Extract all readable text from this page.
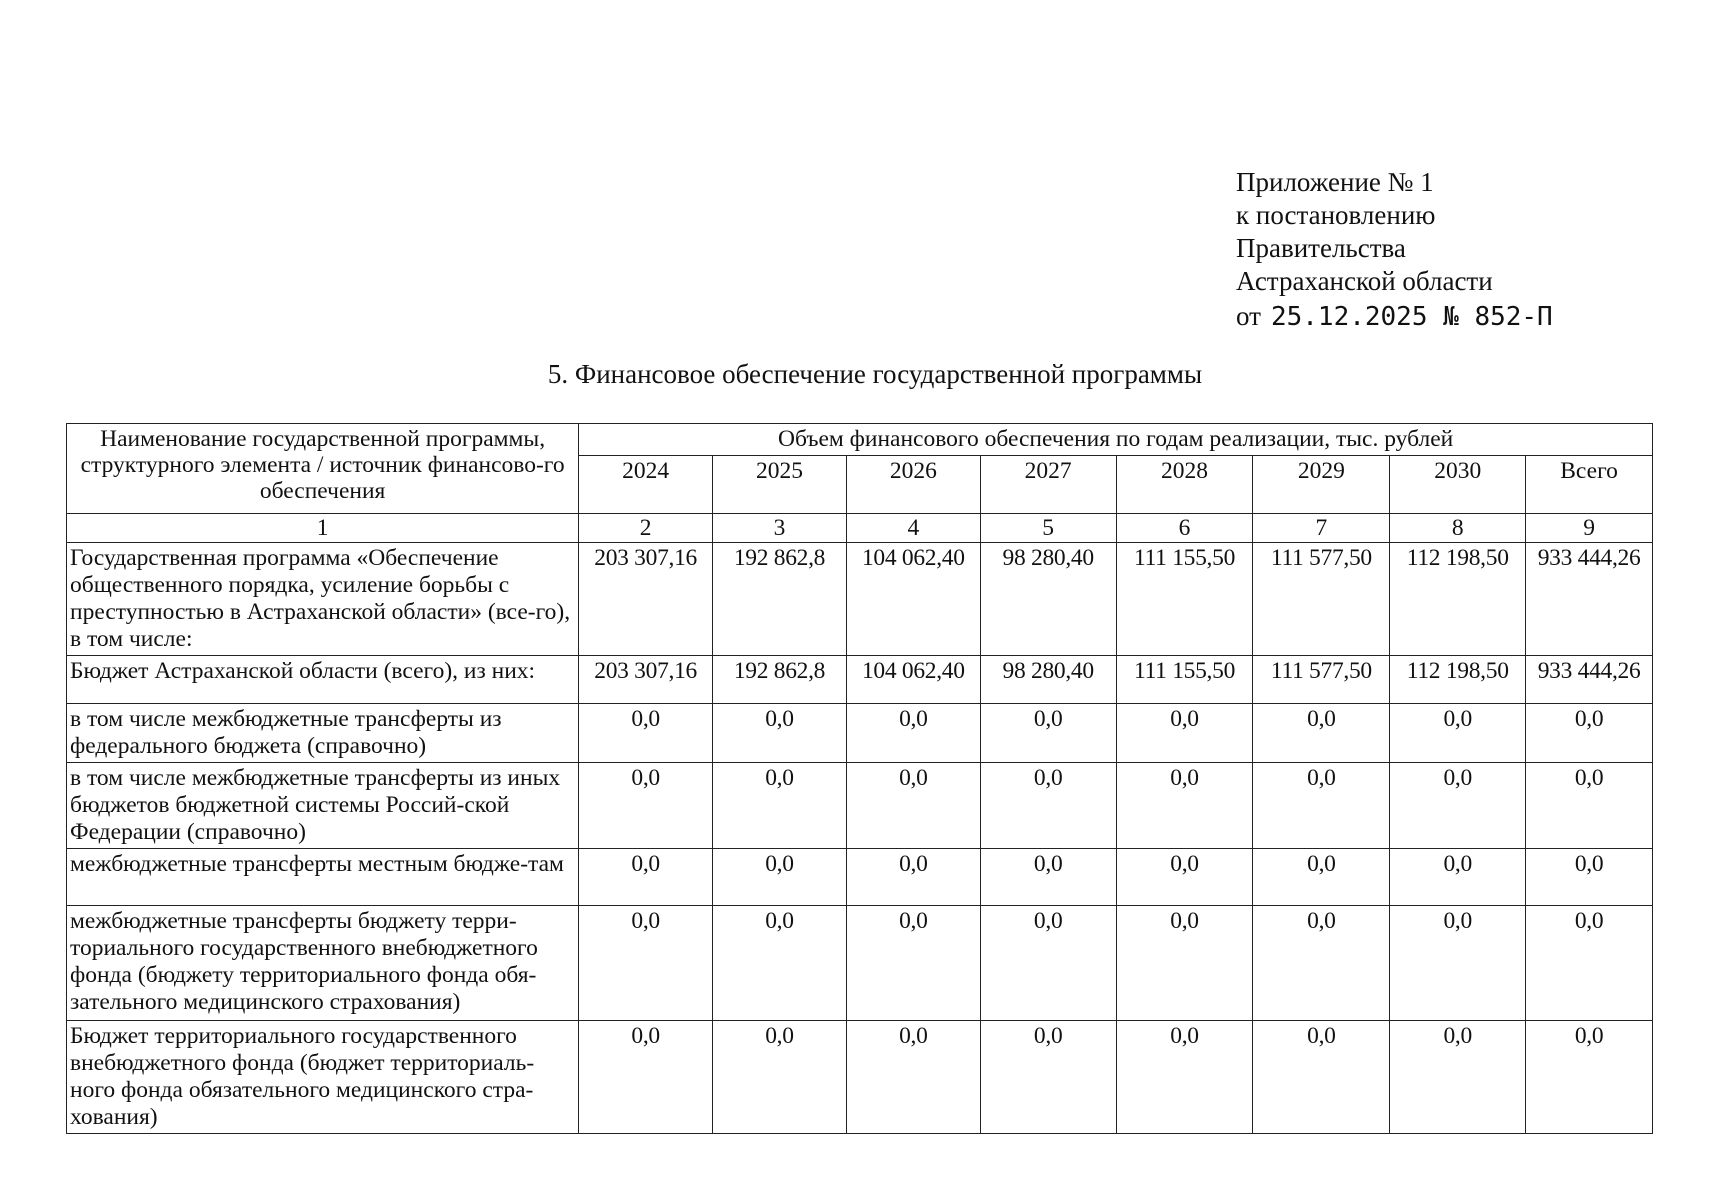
Приложение № 1
к постановлению
Правительства
Астраханской области
от 25.12.2025 № 852-П
5. Финансовое обеспечение государственной программы
Наименование государственной программы, структурного элемента / источник финансово-го обеспечения	Объем финансового обеспечения по годам реализации, тыс. рублей							
	2024	2025	2026	2027	2028	2029	2030	Всего
1	2	3	4	5	6	7	8	9
Государственная программа «Обеспечение общественного порядка, усиление борьбы с преступностью в Астраханской области» (все-го), в том числе:	203 307,16	192 862,8	104 062,40	98 280,40	111 155,50	111 577,50	112 198,50	933 444,26
Бюджет Астраханской области (всего), из них:	203 307,16	192 862,8	104 062,40	98 280,40	111 155,50	111 577,50	112 198,50	933 444,26
в том числе межбюджетные трансферты из федерального бюджета (справочно)	0,0	0,0	0,0	0,0	0,0	0,0	0,0	0,0
в том числе межбюджетные трансферты из иных бюджетов бюджетной системы Россий-ской Федерации (справочно)	0,0	0,0	0,0	0,0	0,0	0,0	0,0	0,0
межбюджетные трансферты местным бюдже-там	0,0	0,0	0,0	0,0	0,0	0,0	0,0	0,0
межбюджетные трансферты бюджету терри-ториального государственного внебюджетного фонда (бюджету территориального фонда обя-зательного медицинского страхования)	0,0	0,0	0,0	0,0	0,0	0,0	0,0	0,0
Бюджет территориального государственного внебюджетного фонда (бюджет территориаль-ного фонда обязательного медицинского стра-хования)	0,0	0,0	0,0	0,0	0,0	0,0	0,0	0,0
